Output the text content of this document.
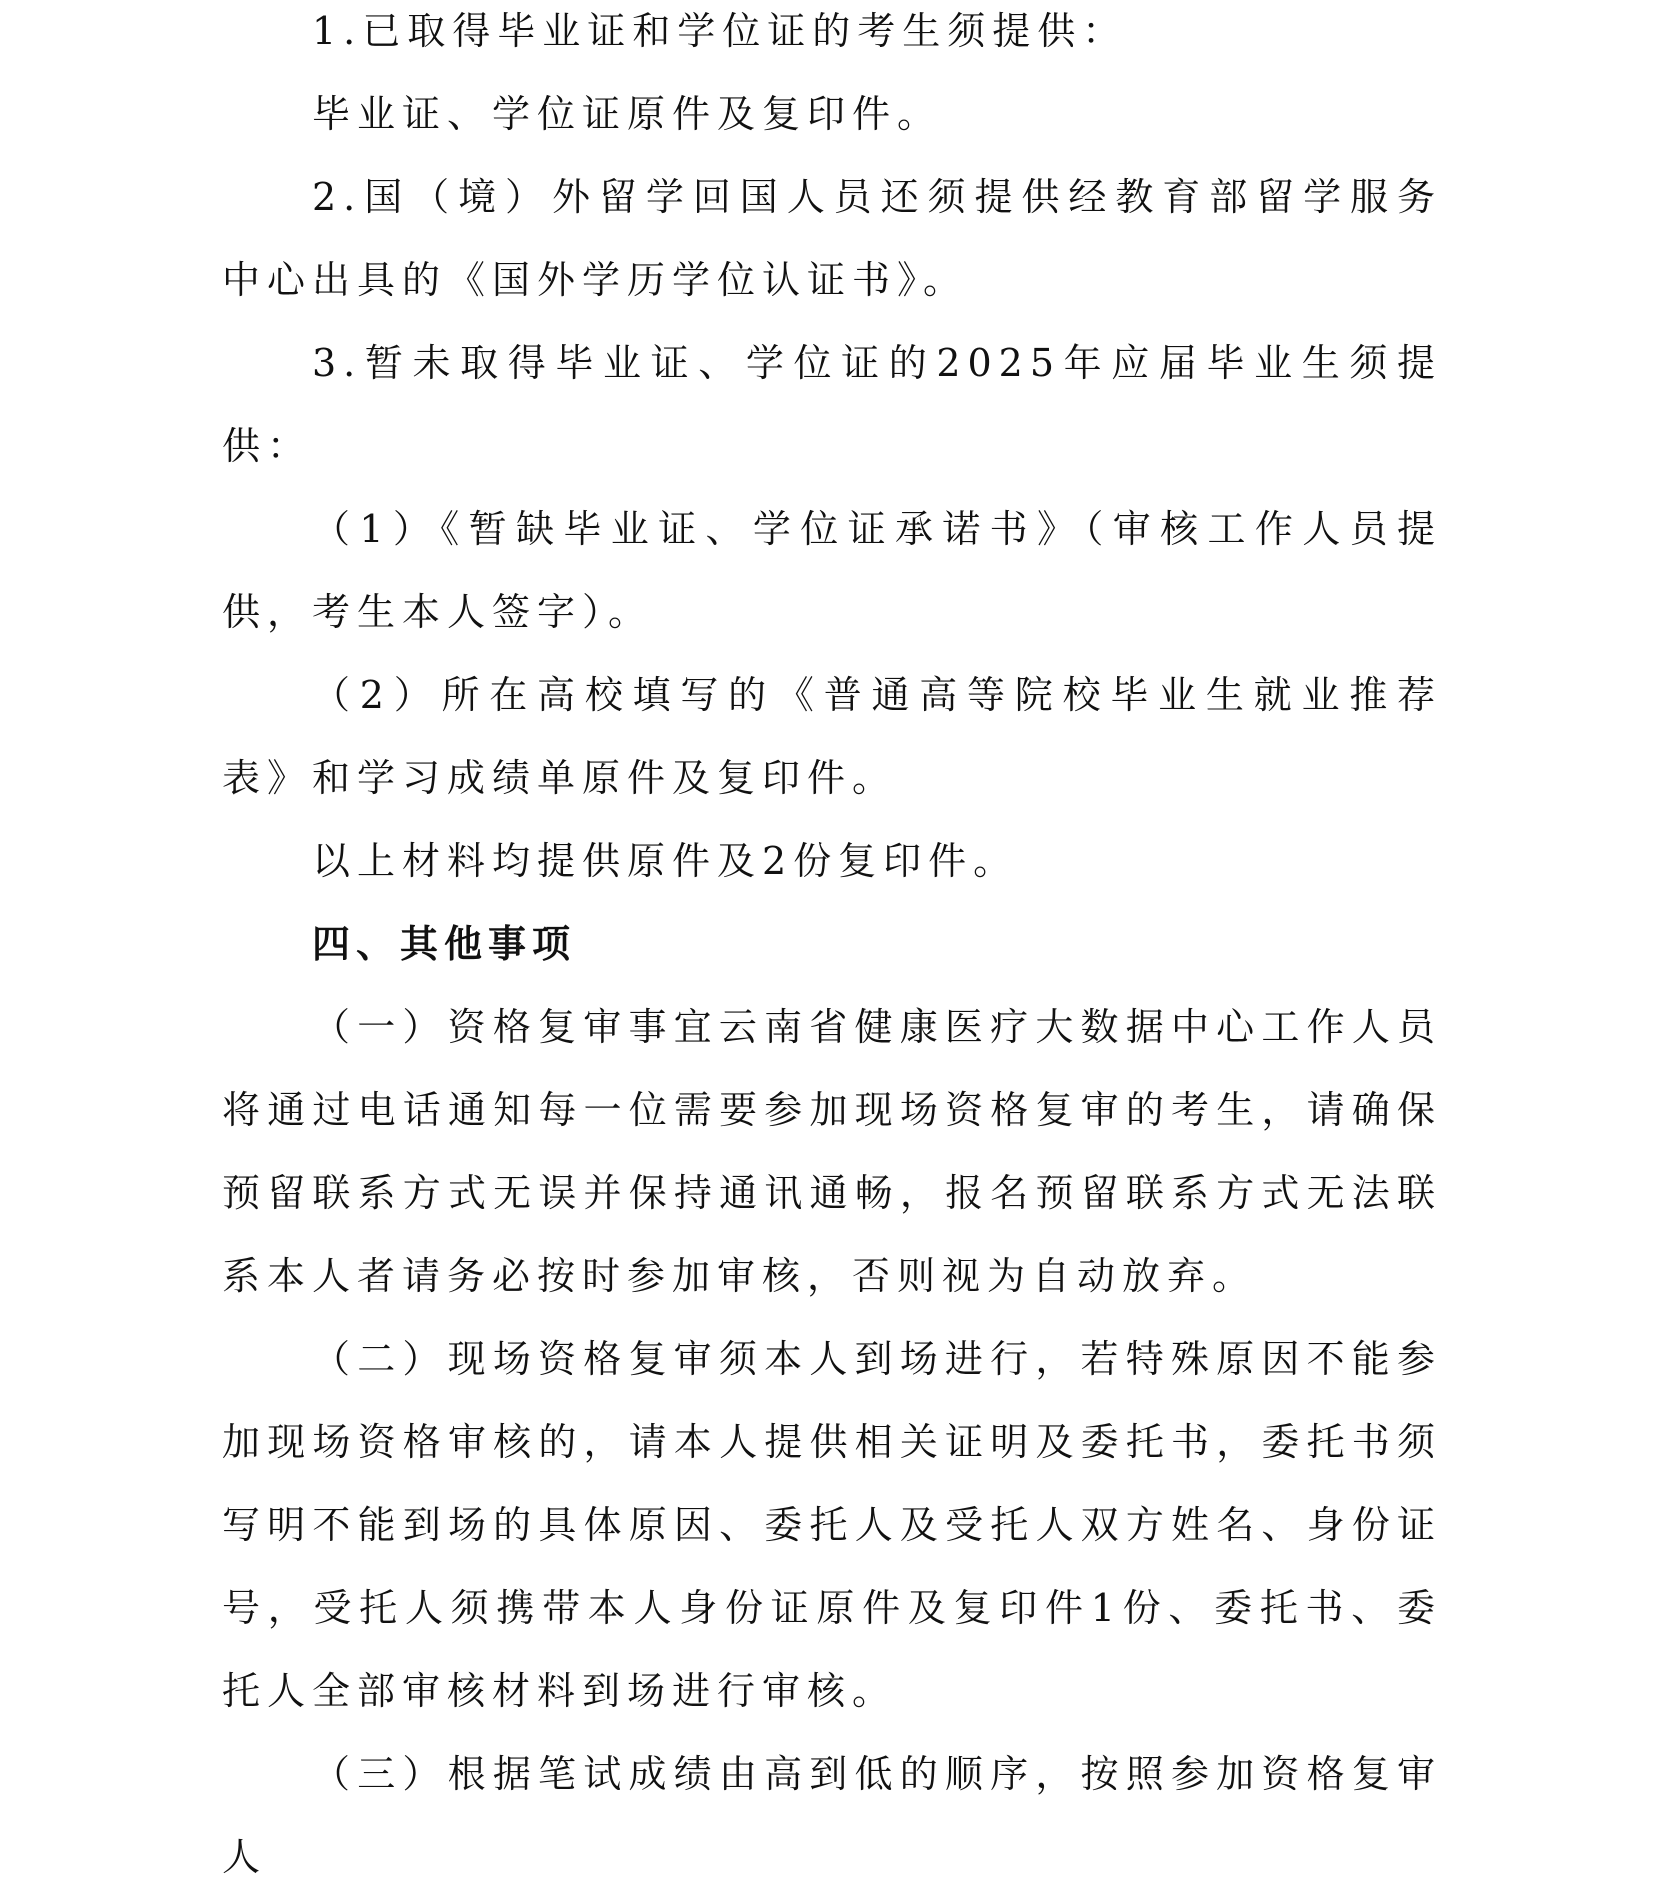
1.已取得毕业证和学位证的考生须提供：

毕业证、学位证原件及复印件。

2.国（境）外留学回国人员还须提供经教育部留学服务中心出具的《国外学历学位认证书》。

3.暂未取得毕业证、学位证的2025年应届毕业生须提供：

（1）《暂缺毕业证、学位证承诺书》（审核工作人员提供，考生本人签字）。

（2）所在高校填写的《普通高等院校毕业生就业推荐表》和学习成绩单原件及复印件。

以上材料均提供原件及2份复印件。

四、其他事项

（一）资格复审事宜云南省健康医疗大数据中心工作人员将通过电话通知每一位需要参加现场资格复审的考生，请确保预留联系方式无误并保持通讯通畅，报名预留联系方式无法联系本人者请务必按时参加审核，否则视为自动放弃。

（二）现场资格复审须本人到场进行，若特殊原因不能参加现场资格审核的，请本人提供相关证明及委托书，委托书须写明不能到场的具体原因、委托人及受托人双方姓名、身份证号，受托人须携带本人身份证原件及复印件1份、委托书、委托人全部审核材料到场进行审核。

（三）根据笔试成绩由高到低的顺序，按照参加资格复审人
